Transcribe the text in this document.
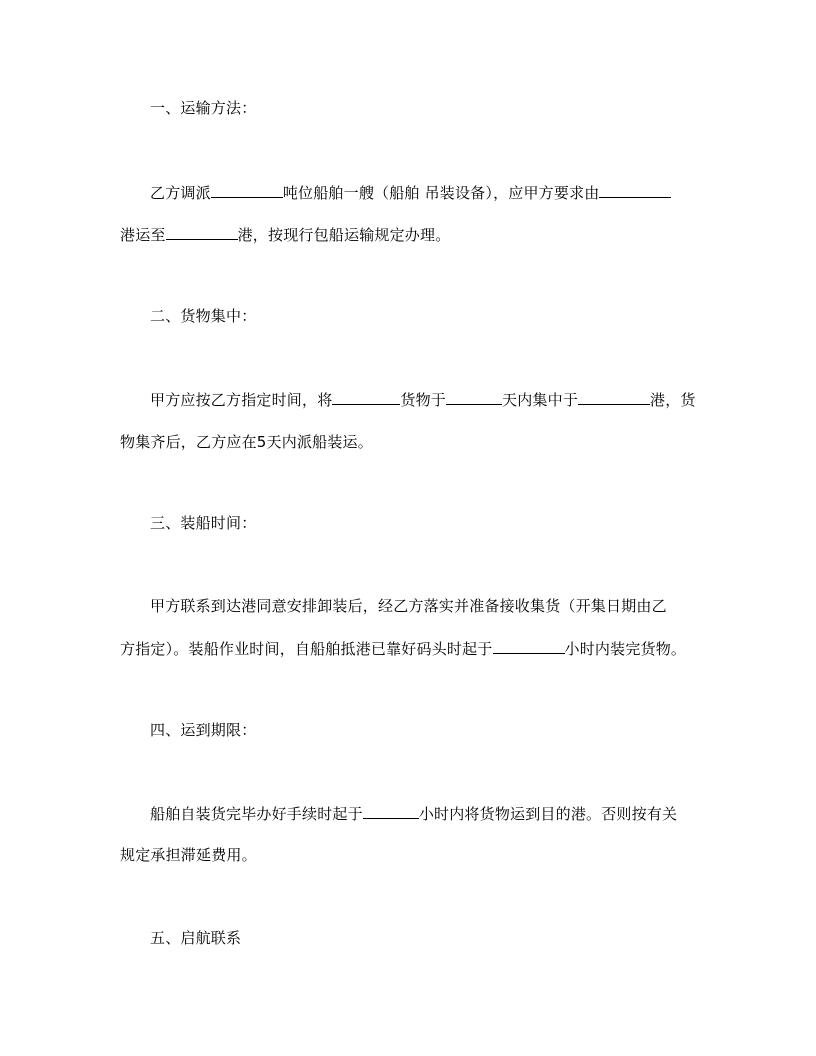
一、运输方法：
乙方调派	吨位船舶一艘（船舶 吊装设备），应甲方要求由
港运至	港，按现行包船运输规定办理。
二、货物集中：
甲方应按乙方指定时间，将	货物于	天内集中于	港，货
物集齐后，乙方应在5天内派船装运。
三、装船时间：
甲方联系到达港同意安排卸装后，经乙方落实并准备接收集货（开集日期由乙
方指定）。装船作业时间，自船舶抵港已靠好码头时起于	小时内装完货物。
四、运到期限：
船舶自装货完毕办好手续时起于	小时内将货物运到目的港。否则按有关
规定承担滞延费用。
五、启航联系
